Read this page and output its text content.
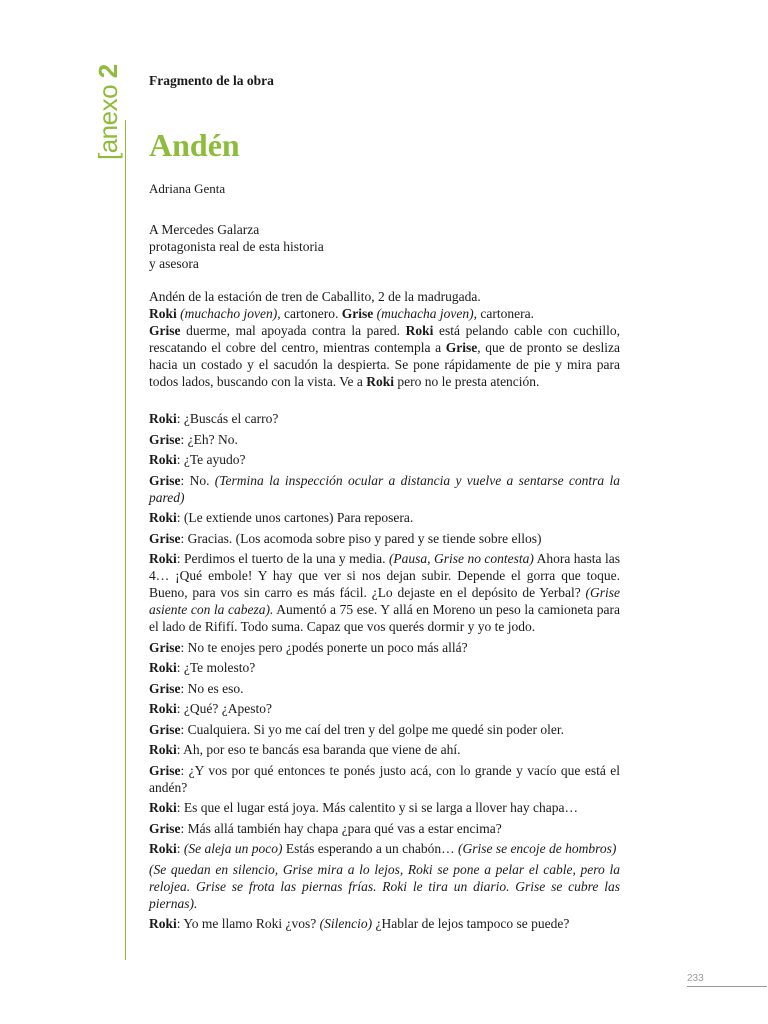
[anexo 2
Fragmento de la obra
Andén
Adriana Genta
A Mercedes Galarza
protagonista real de esta historia
y asesora

Andén de la estación de tren de Caballito, 2 de la madrugada.

Roki (muchacho joven), cartonero. Grise (muchacha joven), cartonera.

Grise duerme, mal apoyada contra la pared. Roki está pelando cable con cuchillo, rescatando el cobre del centro, mientras contempla a Grise, que de pronto se desliza hacia un costado y el sacudón la despierta. Se pone rápidamente de pie y mira para todos lados, buscando con la vista. Ve a Roki pero no le presta atención.

Roki: ¿Buscás el carro?

Grise: ¿Eh? No.

Roki: ¿Te ayudo?

Grise: No. (Termina la inspección ocular a distancia y vuelve a sentarse contra la pared)

Roki: (Le extiende unos cartones) Para reposera.

Grise: Gracias. (Los acomoda sobre piso y pared y se tiende sobre ellos)

Roki: Perdimos el tuerto de la una y media. (Pausa, Grise no contesta) Ahora hasta las 4… ¡Qué embole! Y hay que ver si nos dejan subir. Depende el gorra que toque. Bueno, para vos sin carro es más fácil. ¿Lo dejaste en el depósito de Yerbal? (Grise asiente con la cabeza). Aumentó a 75 ese. Y allá en Moreno un peso la camioneta para el lado de Rififí. Todo suma. Capaz que vos querés dormir y yo te jodo.

Grise: No te enojes pero ¿podés ponerte un poco más allá?

Roki: ¿Te molesto?

Grise: No es eso.

Roki: ¿Qué? ¿Apesto?

Grise: Cualquiera. Si yo me caí del tren y del golpe me quedé sin poder oler.

Roki: Ah, por eso te bancás esa baranda que viene de ahí.

Grise: ¿Y vos por qué entonces te ponés justo acá, con lo grande y vacío que está el andén?

Roki: Es que el lugar está joya. Más calentito y si se larga a llover hay chapa…

Grise: Más allá también hay chapa ¿para qué vas a estar encima?

Roki: (Se aleja un poco) Estás esperando a un chabón… (Grise se encoje de hombros)

(Se quedan en silencio, Grise mira a lo lejos, Roki se pone a pelar el cable, pero la relojea. Grise se frota las piernas frías. Roki le tira un diario. Grise se cubre las piernas).

Roki: Yo me llamo Roki ¿vos? (Silencio) ¿Hablar de lejos tampoco se puede?

233
